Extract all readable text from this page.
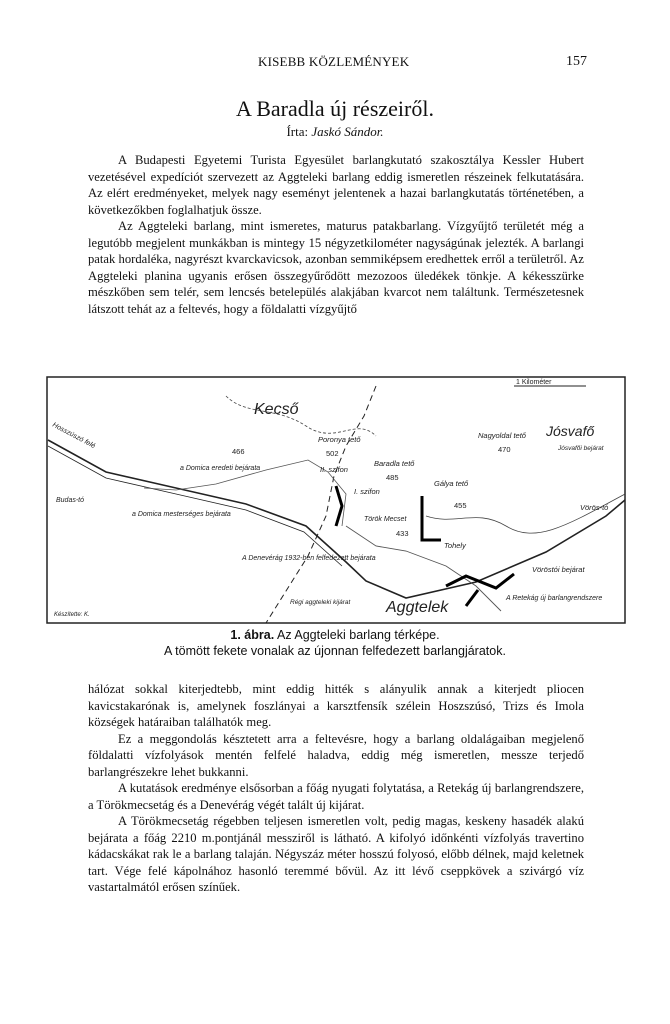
KISEBB KÖZLEMÉNYEK	157
A Baradla új részeiről.
Írta: Jaskó Sándor.

A Budapesti Egyetemi Turista Egyesület barlangkutató szakosztálya Kessler Hubert vezetésével expedíciót szervezett az Aggteleki barlang eddig ismeretlen részeinek felkutatására. Az elért eredményeket, melyek nagy eseményt jelentenek a hazai barlangkutatás történetében, a következőkben foglalhatjuk össze.

Az Aggteleki barlang, mint ismeretes, maturus patakbarlang. Vízgyűjtő területét még a legutóbb megjelent munkákban is mintegy 15 négyzetkilométer nagyságúnak jelezték. A barlangi patak hordaléka, nagyrészt kvarckavicsok, azonban semmiképsem eredhettek erről a területről. Az Aggteleki planina ugyanis erősen összegyűrődött mezozoos üledékek tönkje. A kékesszürke mészkőben sem telér, sem lencsés betelepülés alakjában kvarcot nem találtunk. Természetesnek látszott tehát az a feltevés, hogy a földalatti vízgyűjtő

1 Kilométer
Kecső
Jósvafő
Aggtelek
Hosszúszó felé
a Domica eredeti bejárata
a Domica mesterséges bejárata
Budas-tó
Poronya tető
II. szifon
I. szifon
Baradla tető
Gálya tető
Török Mecset
Tohely
Nagyoldal tető
Jósvafői bejárat
Vörös-tó
Vöröstói bejárat
A Retekág új barlangrendszere
A Denevérág 1932-ben felfedezett bejárata
Régi aggteleki kijárat
Készítette: K.
466	502
485
470
455
433
1. ábra. Az Aggteleki barlang térképe.
A tömött fekete vonalak az újonnan felfedezett barlangjáratok.

hálózat sokkal kiterjedtebb, mint eddig hitték s alányulik annak a kiterjedt pliocen kavicstakarónak is, amelynek foszlányai a karsztfensík szélein Hoszszúsó, Trizs és Imola községek határaiban találhatók meg.

Ez a meggondolás késztetett arra a feltevésre, hogy a barlang oldalágaiban megjelenő földalatti vízfolyások mentén felfelé haladva, eddig még ismeretlen, messze terjedő barlangrészekre lehet bukkanni.

A kutatások eredménye elsősorban a főág nyugati folytatása, a Retekág új barlangrendszere, a Törökmecsetág és a Denevérág végét talált új kijárat.

A Törökmecsetág régebben teljesen ismeretlen volt, pedig magas, keskeny hasadék alakú bejárata a főág 2210 m.pontjánál messziről is látható. A kifolyó időnkénti vízfolyás travertino kádacskákat rak le a barlang talaján. Négyszáz méter hosszú folyosó, előbb délnek, majd keletnek tart. Vége felé kápolnához hasonló teremmé bővül. Az itt lévő cseppkövek a szivárgó víz vastartalmától erősen színűek.
